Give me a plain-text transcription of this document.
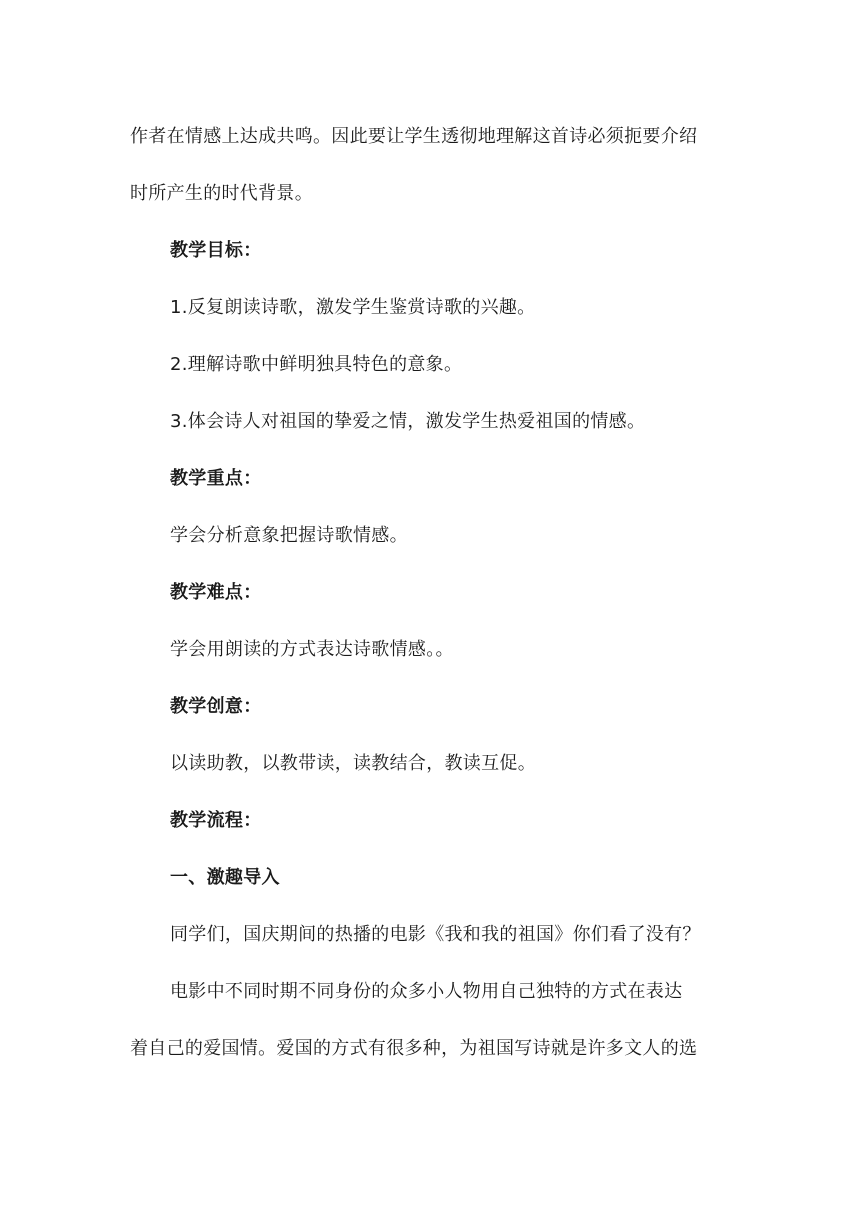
作者在情感上达成共鸣。因此要让学生透彻地理解这首诗必须扼要介绍
时所产生的时代背景。
教学目标：
1.反复朗读诗歌，激发学生鉴赏诗歌的兴趣。
2.理解诗歌中鲜明独具特色的意象。
3.体会诗人对祖国的挚爱之情，激发学生热爱祖国的情感。
教学重点：
学会分析意象把握诗歌情感。
教学难点：
学会用朗读的方式表达诗歌情感。。
教学创意：
以读助教，以教带读，读教结合，教读互促。
教学流程：
一、激趣导入
同学们，国庆期间的热播的电影《我和我的祖国》你们看了没有？
电影中不同时期不同身份的众多小人物用自己独特的方式在表达
着自己的爱国情。爱国的方式有很多种，为祖国写诗就是许多文人的选
